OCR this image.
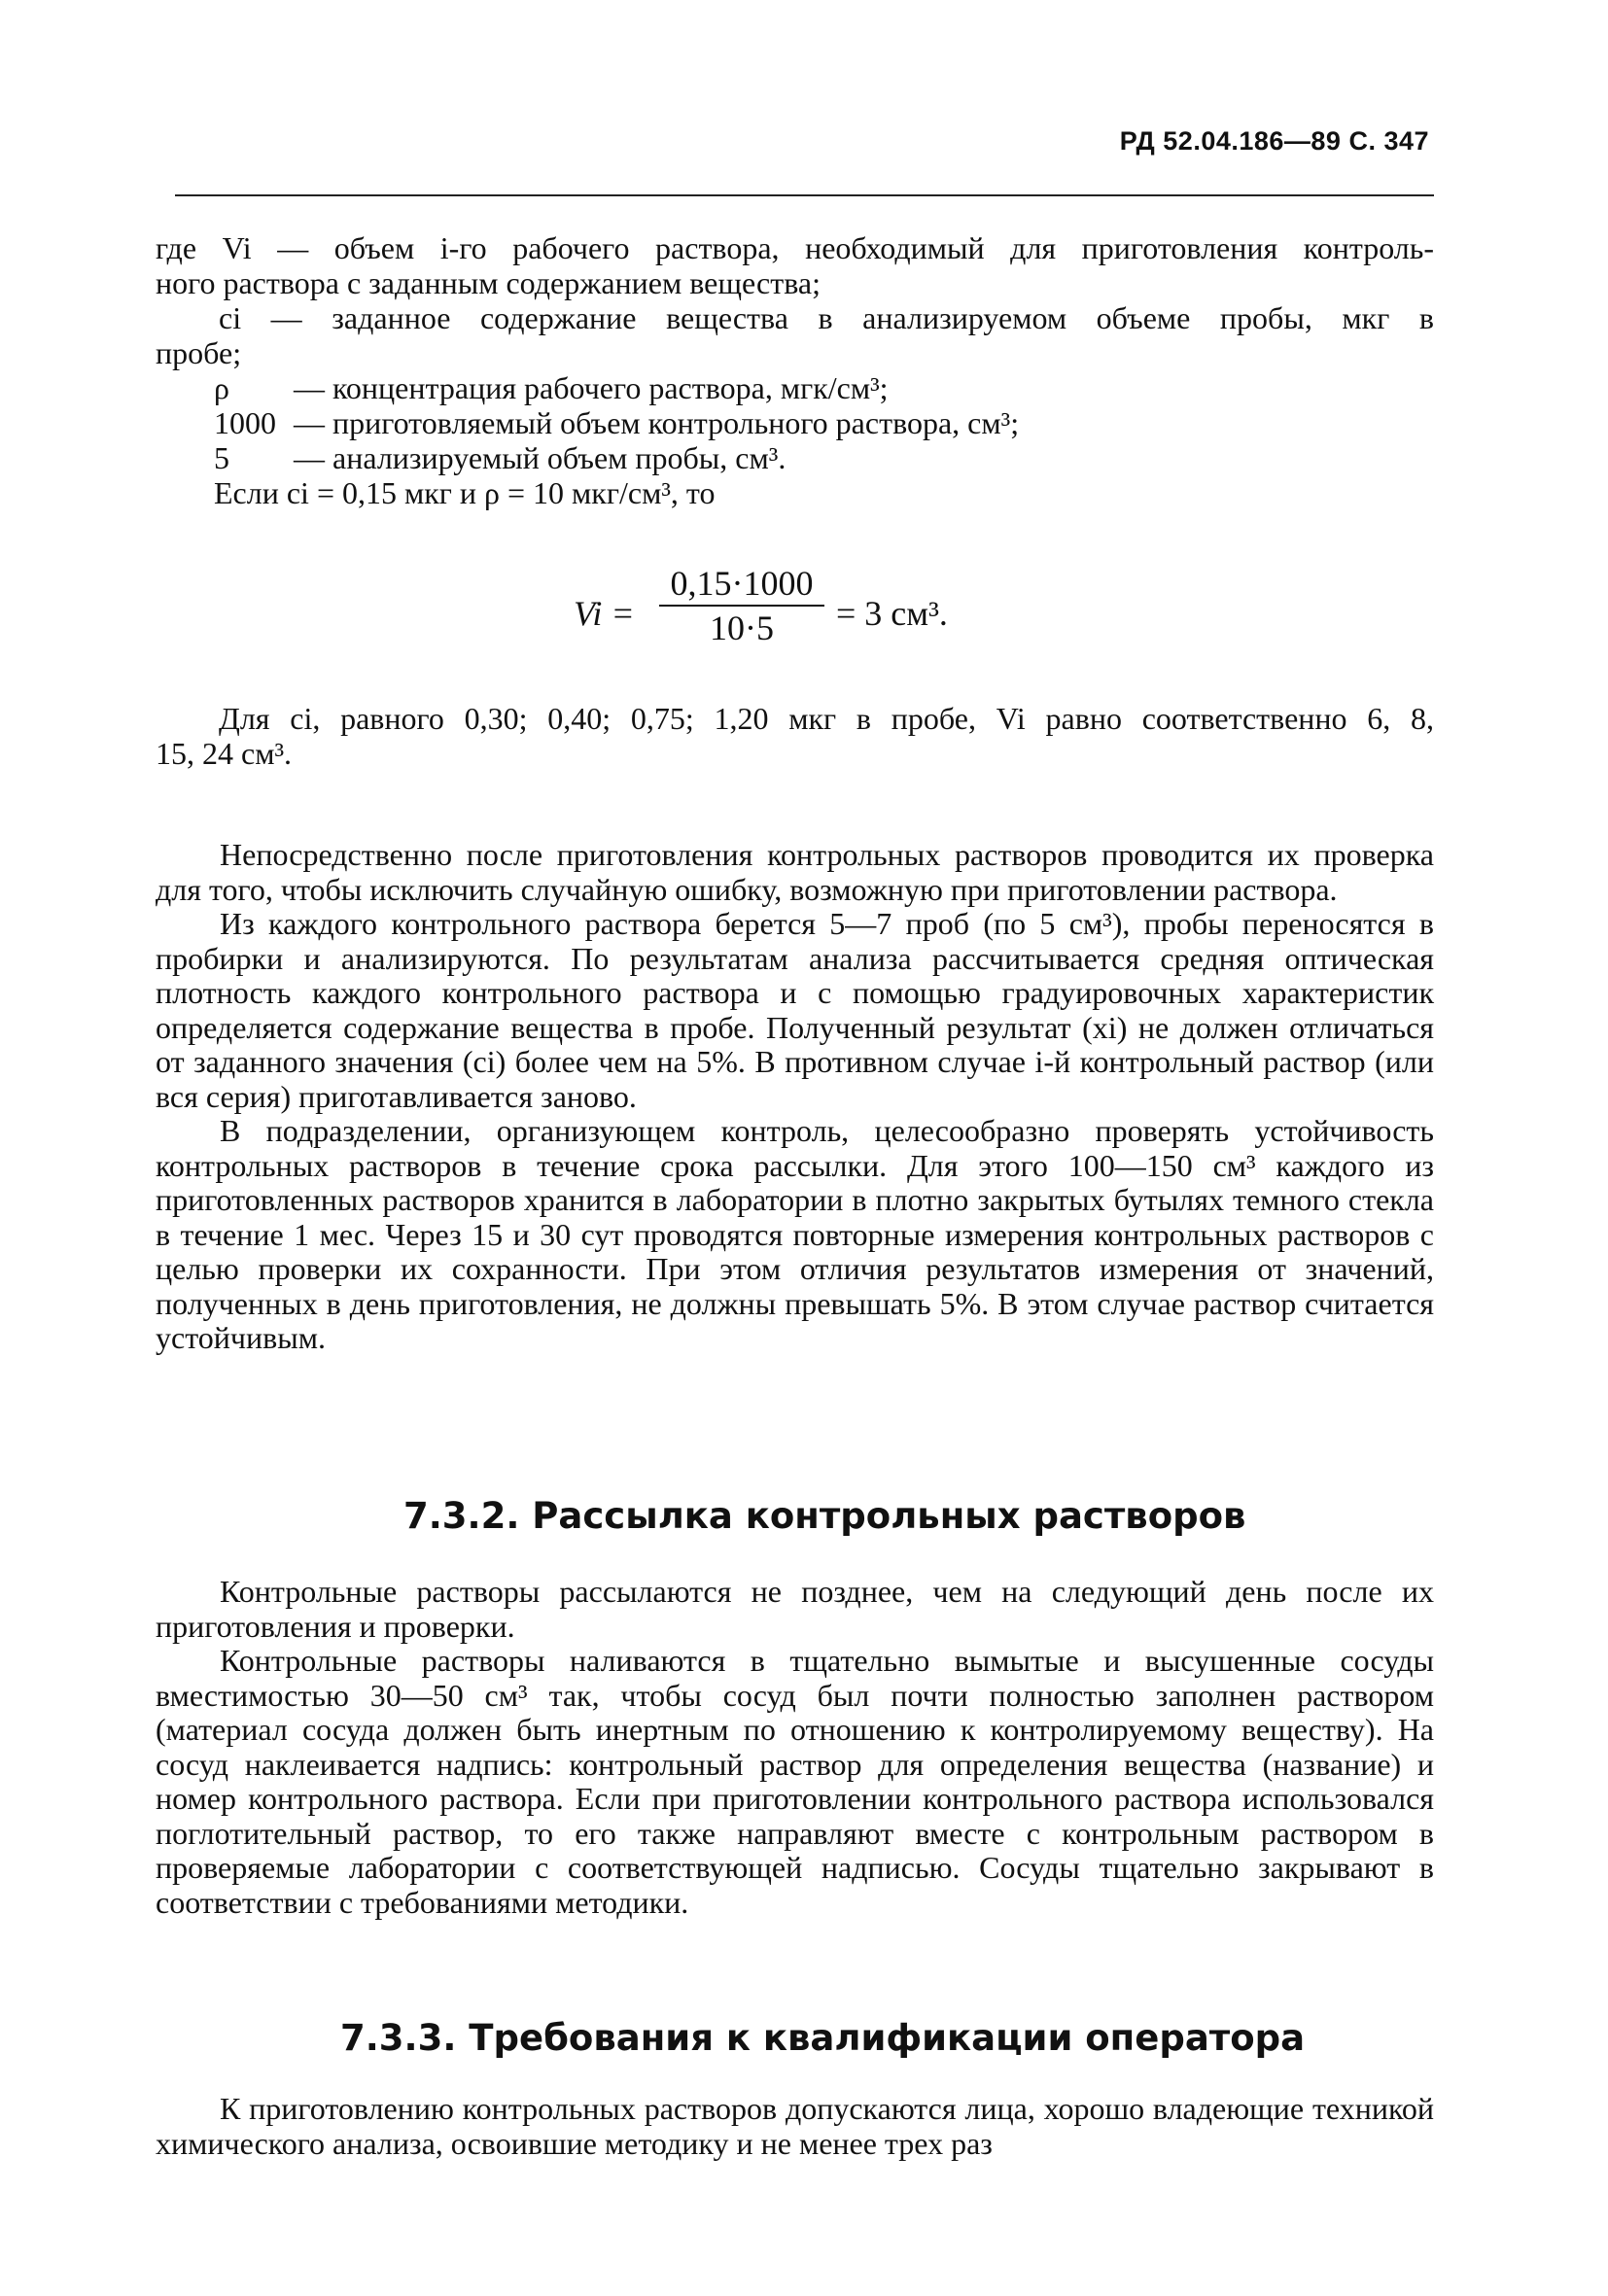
РД 52.04.186—89 С. 347
где Vi — объем i-го рабочего раствора, необходимый для приготовления контроль-
ного раствора с заданным содержанием вещества;
ci — заданное содержание вещества в анализируемом объеме пробы, мкг в
пробе;
ρ — концентрация рабочего раствора, мгк/см³;
1000 — приготовляемый объем контрольного раствора, см³;
5 — анализируемый объем пробы, см³.
Если ci = 0,15 мкг и ρ = 10 мкг/см³, то
Vi =
0,15·1000
10·5	= 3 см³.
Для ci, равного 0,30; 0,40; 0,75; 1,20 мкг в пробе, Vi равно соответственно 6, 8,
15, 24 см³.

Непосредственно после приготовления контрольных растворов проводится их проверка для того, чтобы исключить случайную ошибку, возможную при приготовлении раствора.

Из каждого контрольного раствора берется 5—7 проб (по 5 см³), пробы переносятся в пробирки и анализируются. По результатам анализа рассчитывается средняя оптическая плотность каждого контрольного раствора и с помощью градуировочных характеристик определяется содержание вещества в пробе. Полученный результат (xi) не должен отличаться от заданного значения (ci) более чем на 5%. В противном случае i-й контрольный раствор (или вся серия) приготавливается заново.

В подразделении, организующем контроль, целесообразно проверять устойчивость контрольных растворов в течение срока рассылки. Для этого 100—150 см³ каждого из приготовленных растворов хранится в лаборатории в плотно закрытых бутылях темного стекла в течение 1 мес. Через 15 и 30 сут проводятся повторные измерения контрольных растворов с целью проверки их сохранности. При этом отличия результатов измерения от значений, полученных в день приготовления, не должны превышать 5%. В этом случае раствор считается устойчивым.

7.3.2. Рассылка контрольных растворов

Контрольные растворы рассылаются не позднее, чем на следующий день после их приготовления и проверки.

Контрольные растворы наливаются в тщательно вымытые и высушенные сосуды вместимостью 30—50 см³ так, чтобы сосуд был почти полностью заполнен раствором (материал сосуда должен быть инертным по отношению к контролируемому веществу). На сосуд наклеивается надпись: контрольный раствор для определения вещества (название) и номер контрольного раствора. Если при приготовлении контрольного раствора использовался поглотительный раствор, то его также направляют вместе с контрольным раствором в проверяемые лаборатории с соответствующей надписью. Сосуды тщательно закрывают в соответствии с требованиями методики.

7.3.3. Требования к квалификации оператора

К приготовлению контрольных растворов допускаются лица, хорошо владеющие техникой химического анализа, освоившие методику и не менее трех раз
